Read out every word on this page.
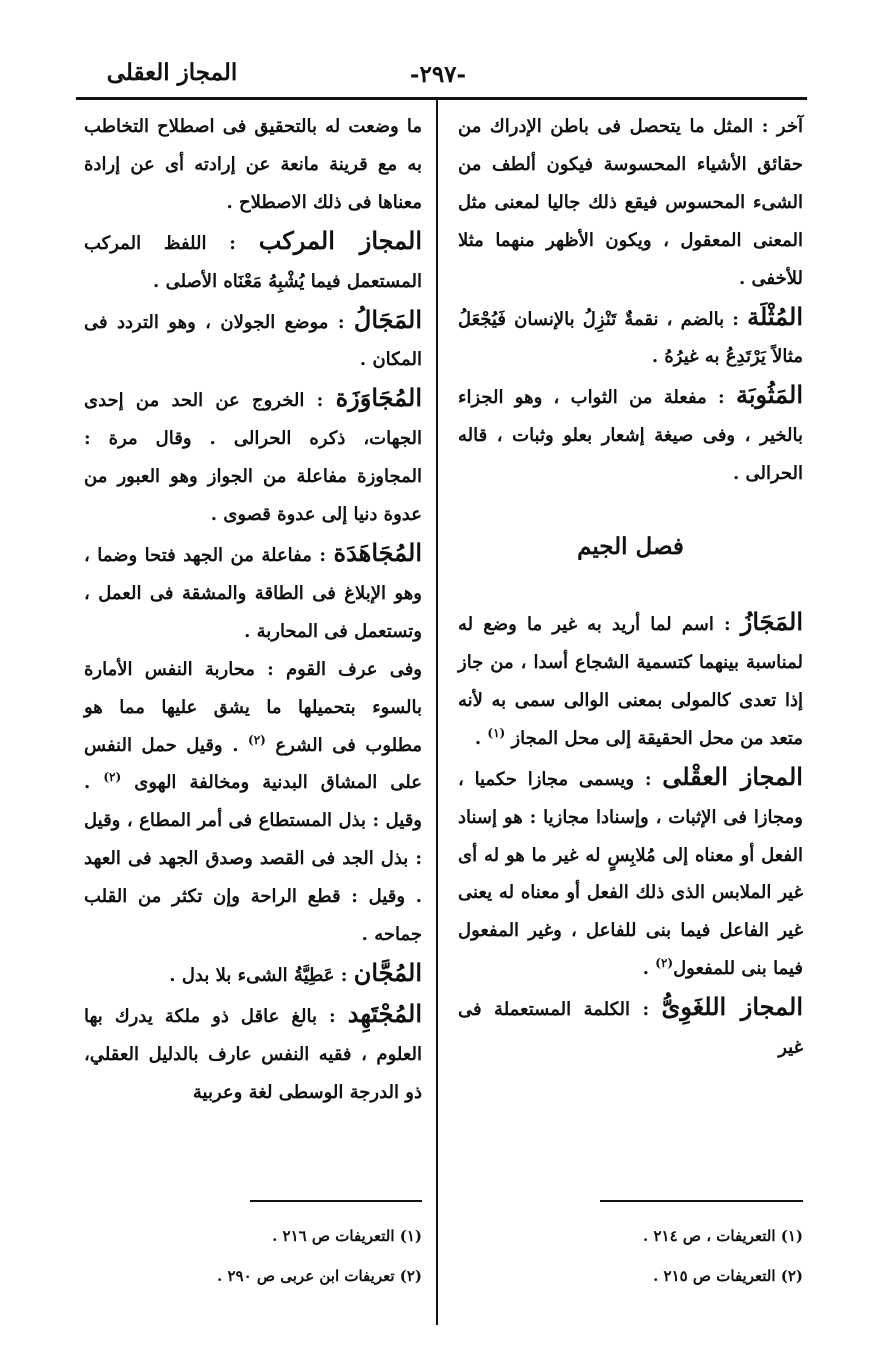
المجاز العقلى	-٢٩٧-

آخر : المثل ما يتحصل فى باطن الإدراك من حقائق الأشياء المحسوسة فيكون ألطف من الشىء المحسوس فيقع ذلك جاليا لمعنى مثل المعنى المعقول ، ويكون الأظهر منهما مثلا للأخفى .

المُثْلَة : بالضم ، نقمةٌ تَنْزِلُ بالإنسان فَيُجْعَلُ مثالاً يَرْتَدِعُ به غيرُهُ .

المَثُوبَة : مفعلة من الثواب ، وهو الجزاء بالخير ، وفى صيغة إشعار بعلو وثبات ، قاله الحرالى .

فصل الجيم

المَجَازُ : اسم لما أريد به غير ما وضع له لمناسبة بينهما كتسمية الشجاع أسدا ، من جاز إذا تعدى كالمولى بمعنى الوالى سمى به لأنه متعد من محل الحقيقة إلى محل المجاز $^{(١)}$ .

المجاز العقْلى : ويسمى مجازا حكميا ، ومجازا فى الإثبات ، وإسنادا مجازيا : هو إسناد الفعل أو معناه إلى مُلابِسٍ له غير ما هو له أى غير الملابس الذى ذلك الفعل أو معناه له يعنى غير الفاعل فيما بنى للفاعل ، وغير المفعول فيما بنى للمفعول$^{(٢)}$ .

المجاز اللغَوِىُّ : الكلمة المستعملة فى غير

ما وضعت له بالتحقيق فى اصطلاح التخاطب به مع قرينة مانعة عن إرادته أى عن إرادة معناها فى ذلك الاصطلاح .

المجاز المركب : اللفظ المركب المستعمل فيما يُشْبِهُ مَعْنَاه الأصلى .

المَجَالُ : موضع الجولان ، وهو التردد فى المكان .

المُجَاوَزَة : الخروج عن الحد من إحدى الجهات، ذكره الحرالى . وقال مرة : المجاوزة مفاعلة من الجواز وهو العبور من عدوة دنيا إلى عدوة قصوى .

المُجَاهَدَة : مفاعلة من الجهد فتحا وضما ، وهو الإبلاغ فى الطاقة والمشقة فى العمل ، وتستعمل فى المحاربة .

وفى عرف القوم : محاربة النفس الأمارة بالسوء بتحميلها ما يشق عليها مما هو مطلوب فى الشرع $^{(٢)}$ . وقيل حمل النفس على المشاق البدنية ومخالفة الهوى $^{(٢)}$ . وقيل : بذل المستطاع فى أمر المطاع ، وقيل : بذل الجد فى القصد وصدق الجهد فى العهد . وقيل : قطع الراحة وإن تكثر من القلب جماحه .

المُجَّان : عَطِيَّةُ الشىء بلا بدل .

المُجْتَهِد : بالغ عاقل ذو ملكة يدرك بها العلوم ، فقيه النفس عارف بالدليل العقلي، ذو الدرجة الوسطى لغة وعربية

(١) التعريفات ، ص ٢١٤ .
(٢) التعريفات ص ٢١٥ .
(١) التعريفات ص ٢١٦ .
(٢) تعريفات ابن عربى ص ٢٩٠ .
